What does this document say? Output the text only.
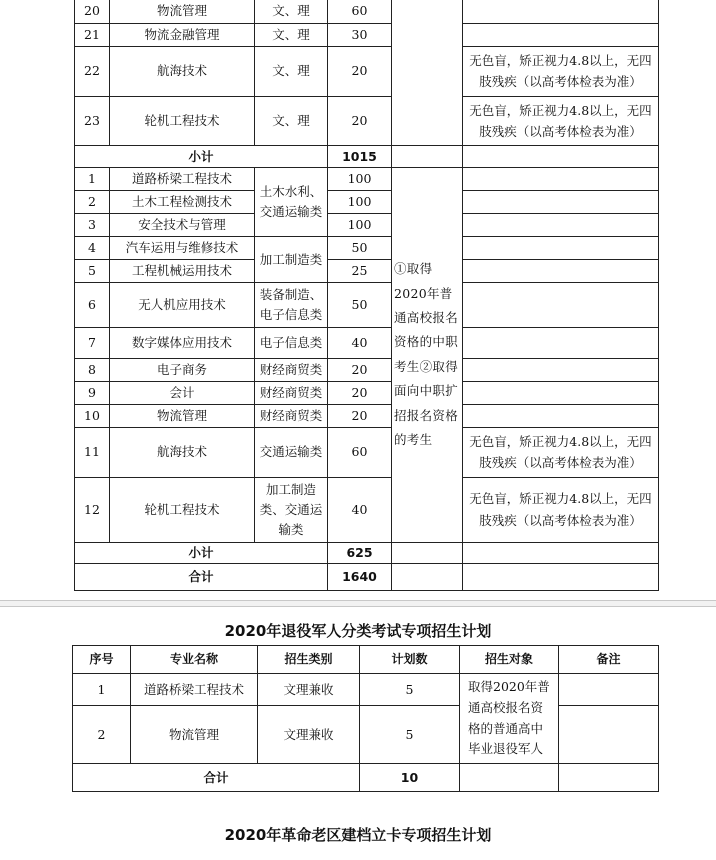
20	物流管理	文、理	60		
21	物流金融管理	文、理	30		
22	航海技术	文、理	20		无色盲，矫正视力4.8以上，无四肢残疾（以高考体检表为准）
23	轮机工程技术	文、理	20		无色盲，矫正视力4.8以上，无四肢残疾（以高考体检表为准）
小计			1015		
1	道路桥梁工程技术	土木水利、交通运输类	100	①取得2020年普通高校报名资格的中职考生②取得面向中职扩招报名资格的考生	
2	土木工程检测技术		100		
3	安全技术与管理		100		
4	汽车运用与维修技术	加工制造类	50		
5	工程机械运用技术		25		
6	无人机应用技术	装备制造、电子信息类	50		
7	数字媒体应用技术	电子信息类	40		
8	电子商务	财经商贸类	20		
9	会计	财经商贸类	20		
10	物流管理	财经商贸类	20		
11	航海技术	交通运输类	60		无色盲，矫正视力4.8以上，无四肢残疾（以高考体检表为准）
12	轮机工程技术	加工制造类、交通运输类	40		无色盲，矫正视力4.8以上，无四肢残疾（以高考体检表为准）
小计			625		
合计			1640		
2020年退役军人分类考试专项招生计划
序号	专业名称	招生类别	计划数	招生对象	备注
1	道路桥梁工程技术	文理兼收	5	取得2020年普通高校报名资格的普通高中毕业退役军人	
2	物流管理	文理兼收	5		
合计			10		
2020年革命老区建档立卡专项招生计划
